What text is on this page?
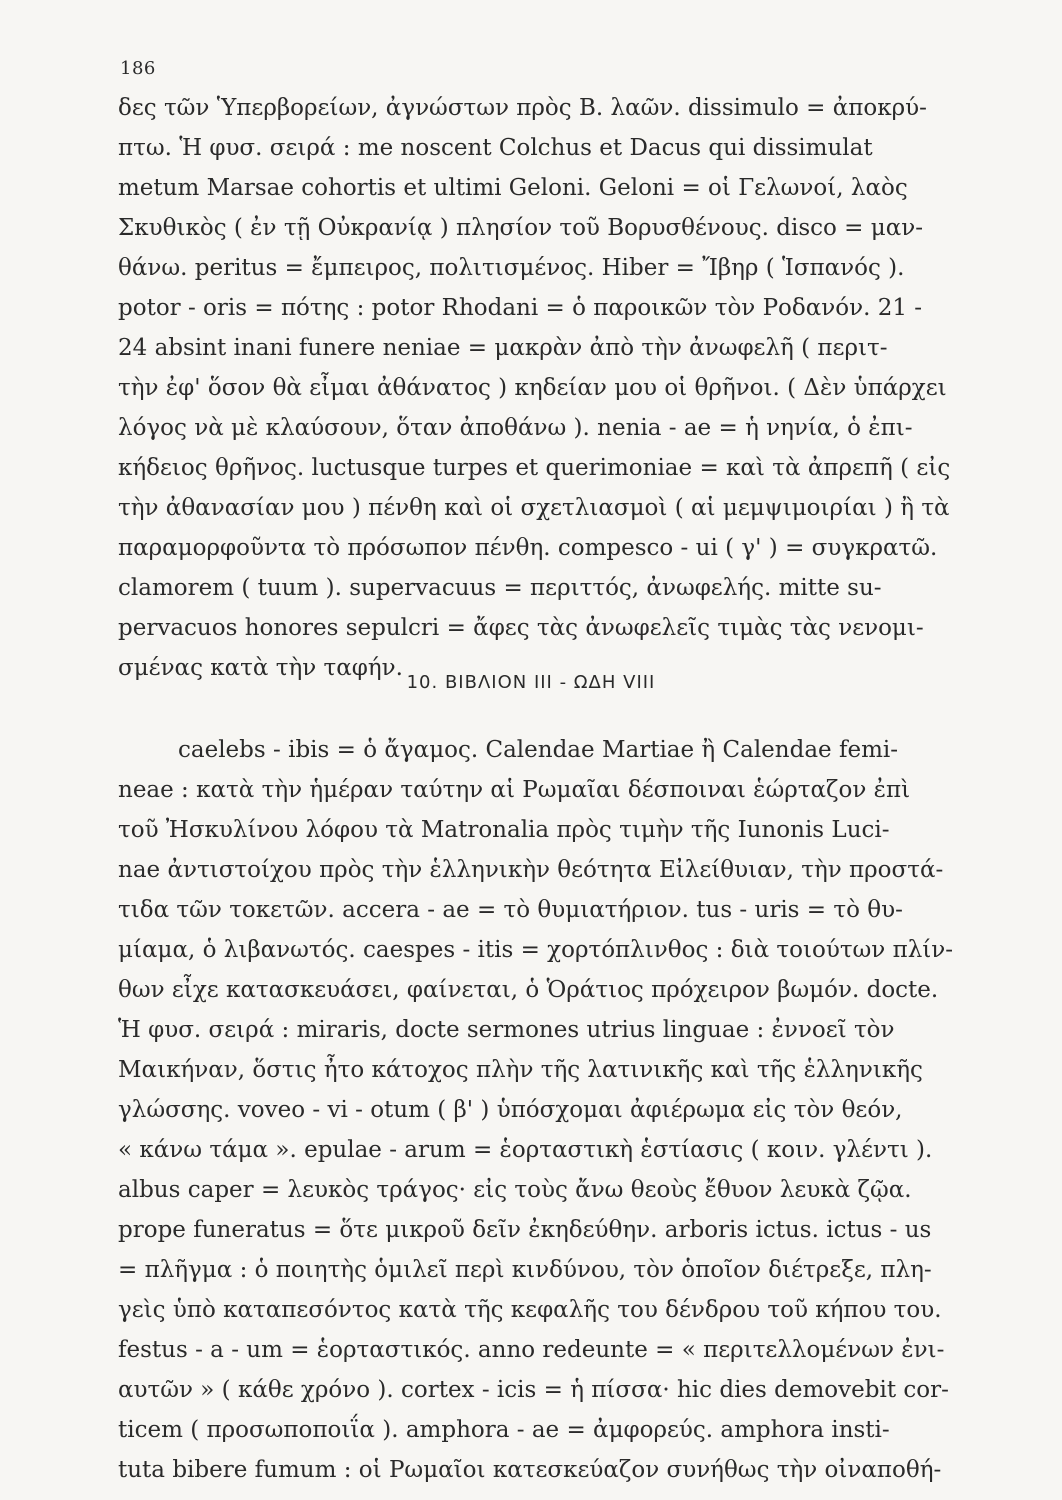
186
δες τῶν Ὑπερβορείων, ἀγνώστων πρὸς Β. λαῶν. dissimulo = ἀποκρύ-
πτω. Ἡ φυσ. σειρά : me noscent Colchus et Dacus qui dissimulat
metum Marsae cohortis et ultimi Geloni. Geloni = οἱ Γελωνοί, λαὸς
Σκυθικὸς ( ἐν τῇ Οὐκρανίᾳ ) πλησίον τοῦ Βορυσθένους. disco = μαν-
θάνω. peritus = ἔμπειρος, πολιτισμένος. Hiber = Ἴβηρ ( Ἱσπανός ).
potor - oris = πότης : potor Rhodani = ὁ παροικῶν τὸν Ροδανόν. 21 -
24 absint inani funere neniae = μακρὰν ἀπὸ τὴν ἀνωφελῆ ( περιτ-
τὴν ἐφ' ὅσον θὰ εἶμαι ἀθάνατος ) κηδείαν μου οἱ θρῆνοι. ( Δὲν ὑπάρχει
λόγος νὰ μὲ κλαύσουν, ὅταν ἀποθάνω ). nenia - ae = ἡ νηνία, ὁ ἐπι-
κήδειος θρῆνος. luctusque turpes et querimoniae = καὶ τὰ ἀπρεπῆ ( εἰς
τὴν ἀθανασίαν μου ) πένθη καὶ οἱ σχετλιασμοὶ ( αἱ μεμψιμοιρίαι ) ἢ τὰ
παραμορφοῦντα τὸ πρόσωπον πένθη. compesco - ui ( γ' ) = συγκρατῶ.
clamorem ( tuum ). supervacuus = περιττός, ἀνωφελής. mitte su-
pervacuos honores sepulcri = ἄφες τὰς ἀνωφελεῖς τιμὰς τὰς νενομι-
σμένας κατὰ τὴν ταφήν.
10. ΒΙΒΛΙΟΝ III - ΩΔΗ VIII
caelebs - ibis = ὁ ἄγαμος. Calendae Martiae ἢ Calendae femi-
neae : κατὰ τὴν ἡμέραν ταύτην αἱ Ρωμαῖαι δέσποιναι ἑώρταζον ἐπὶ
τοῦ Ἠσκυλίνου λόφου τὰ Matronalia πρὸς τιμὴν τῆς Iunonis Luci-
nae ἀντιστοίχου πρὸς τὴν ἑλληνικὴν θεότητα Εἰλείθυιαν, τὴν προστά-
τιδα τῶν τοκετῶν. accera - ae = τὸ θυμιατήριον. tus - uris = τὸ θυ-
μίαμα, ὁ λιβανωτός. caespes - itis = χορτόπλινθος : διὰ τοιούτων πλίν-
θων εἶχε κατασκευάσει, φαίνεται, ὁ Ὁράτιος πρόχειρον βωμόν. docte.
Ἡ φυσ. σειρά : miraris, docte sermones utrius linguae : ἐννοεῖ τὸν
Μαικήναν, ὅστις ἦτο κάτοχος πλὴν τῆς λατινικῆς καὶ τῆς ἑλληνικῆς
γλώσσης. voveo - vi - otum ( β' ) ὑπόσχομαι ἀφιέρωμα εἰς τὸν θεόν,
« κάνω τάμα ». epulae - arum = ἑορταστικὴ ἑστίασις ( κοιν. γλέντι ).
albus caper = λευκὸς τράγος· εἰς τοὺς ἄνω θεοὺς ἔθυον λευκὰ ζῷα.
prope funeratus = ὅτε μικροῦ δεῖν ἐκηδεύθην. arboris ictus. ictus - us
= πλῆγμα : ὁ ποιητὴς ὁμιλεῖ περὶ κινδύνου, τὸν ὁποῖον διέτρεξε, πλη-
γεὶς ὑπὸ καταπεσόντος κατὰ τῆς κεφαλῆς του δένδρου τοῦ κήπου του.
festus - a - um = ἑορταστικός. anno redeunte = « περιτελλομένων ἐνι-
αυτῶν » ( κάθε χρόνο ). cortex - icis = ἡ πίσσα· hic dies demovebit cor-
ticem ( προσωποποιΐα ). amphora - ae = ἀμφορεύς. amphora insti-
tuta bibere fumum : οἱ Ρωμαῖοι κατεσκεύαζον συνήθως τὴν οἰναποθή-
